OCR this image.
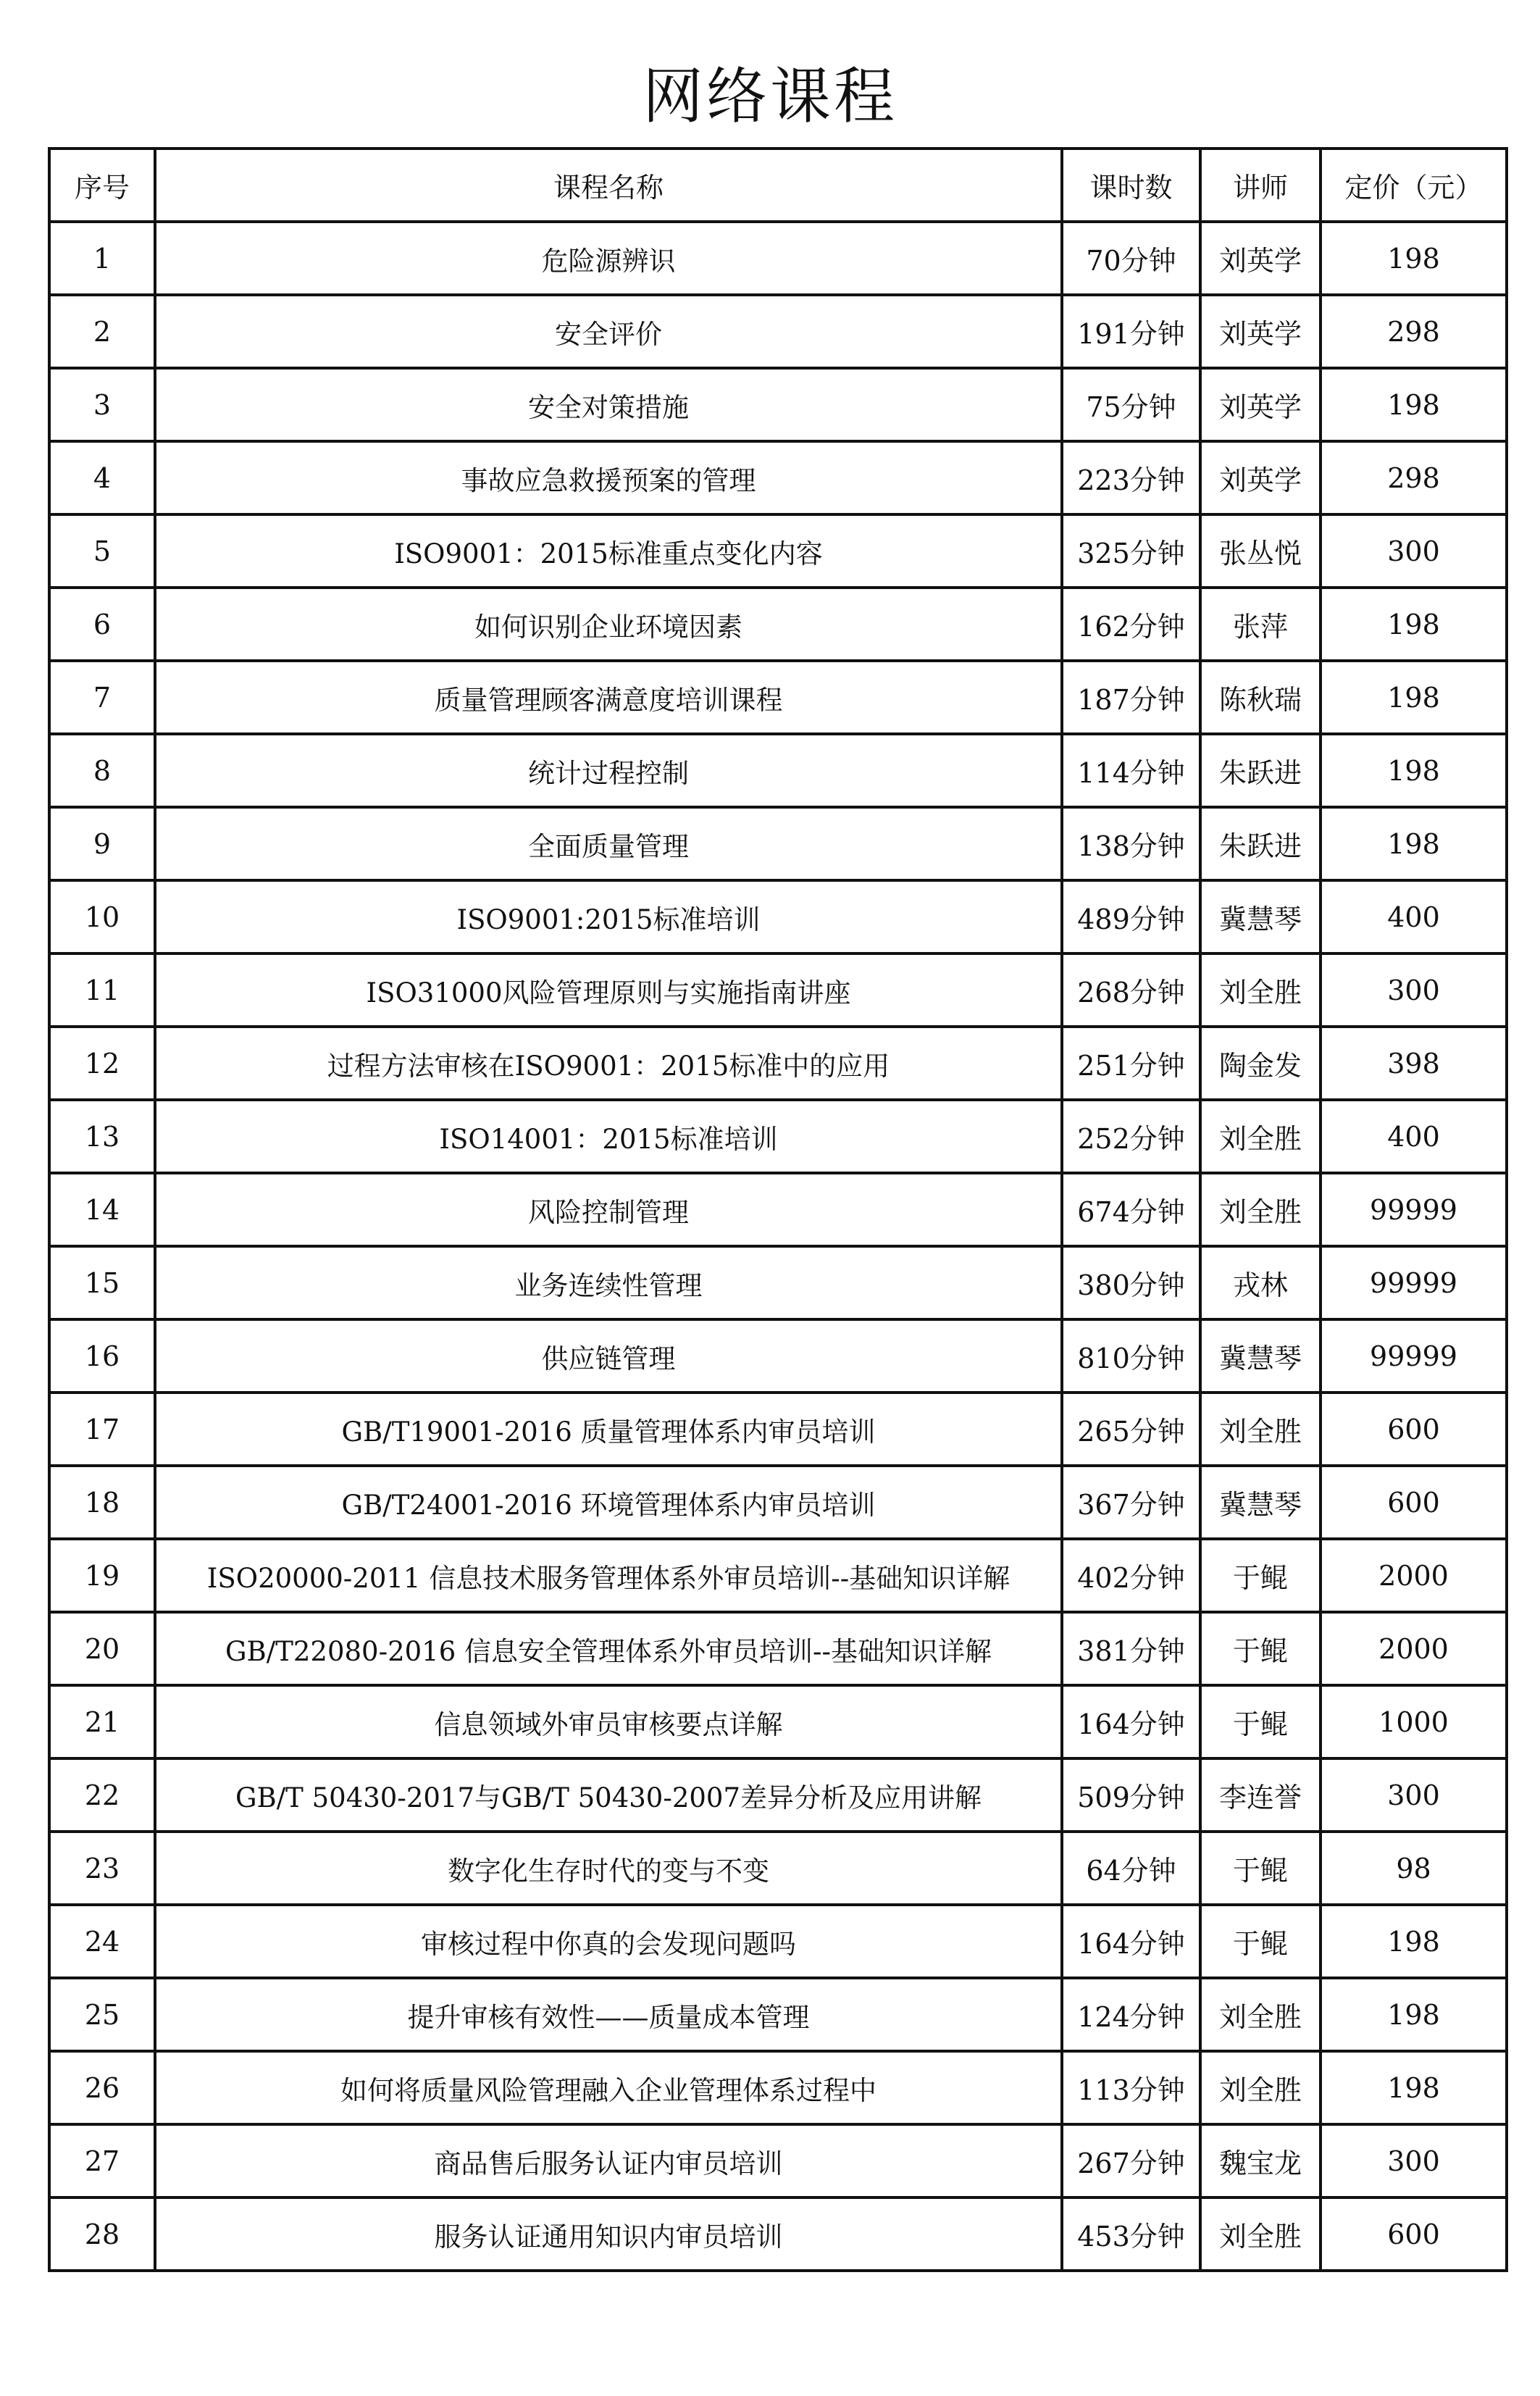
网络课程
序号	课程名称	课时数	讲师	定价（元）
1	危险源辨识	70分钟	刘英学	198
2	安全评价	191分钟	刘英学	298
3	安全对策措施	75分钟	刘英学	198
4	事故应急救援预案的管理	223分钟	刘英学	298
5	ISO9001：2015标准重点变化内容	325分钟	张丛悦	300
6	如何识别企业环境因素	162分钟	张萍	198
7	质量管理顾客满意度培训课程	187分钟	陈秋瑞	198
8	统计过程控制	114分钟	朱跃进	198
9	全面质量管理	138分钟	朱跃进	198
10	ISO9001:2015标准培训	489分钟	冀慧琴	400
11	ISO31000风险管理原则与实施指南讲座	268分钟	刘全胜	300
12	过程方法审核在ISO9001：2015标准中的应用	251分钟	陶金发	398
13	ISO14001：2015标准培训	252分钟	刘全胜	400
14	风险控制管理	674分钟	刘全胜	99999
15	业务连续性管理	380分钟	戎林	99999
16	供应链管理	810分钟	冀慧琴	99999
17	GB/T19001-2016 质量管理体系内审员培训	265分钟	刘全胜	600
18	GB/T24001-2016 环境管理体系内审员培训	367分钟	冀慧琴	600
19	ISO20000-2011 信息技术服务管理体系外审员培训--基础知识详解	402分钟	于鲲	2000
20	GB/T22080-2016 信息安全管理体系外审员培训--基础知识详解	381分钟	于鲲	2000
21	信息领域外审员审核要点详解	164分钟	于鲲	1000
22	GB/T 50430-2017与GB/T 50430-2007差异分析及应用讲解	509分钟	李连誉	300
23	数字化生存时代的变与不变	64分钟	于鲲	98
24	审核过程中你真的会发现问题吗	164分钟	于鲲	198
25	提升审核有效性——质量成本管理	124分钟	刘全胜	198
26	如何将质量风险管理融入企业管理体系过程中	113分钟	刘全胜	198
27	商品售后服务认证内审员培训	267分钟	魏宝龙	300
28	服务认证通用知识内审员培训	453分钟	刘全胜	600
